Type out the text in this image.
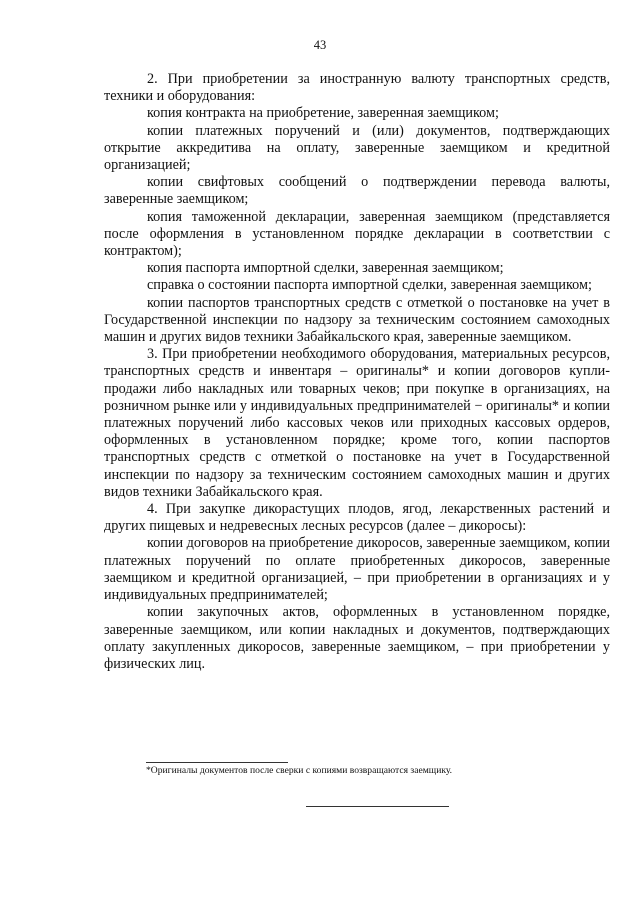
43

2. При приобретении за иностранную валюту транспортных средств, техники и оборудования:

копия контракта на приобретение, заверенная заемщиком;

копии платежных поручений и (или) документов, подтверждающих открытие аккредитива на оплату, заверенные заемщиком и кредитной организацией;

копии свифтовых сообщений о подтверждении перевода валюты, заверенные заемщиком;

копия таможенной декларации, заверенная заемщиком (представляется после оформления в установленном порядке декларации в соответствии с контрактом);

копия паспорта импортной сделки, заверенная заемщиком;

справка о состоянии паспорта импортной сделки, заверенная заемщиком;

копии паспортов транспортных средств с отметкой о постановке на учет в Государственной инспекции по надзору за техническим состоянием самоходных машин и других видов техники Забайкальского края, заверенные заемщиком.

3. При приобретении необходимого оборудования, материальных ресурсов, транспортных средств и инвентаря – оригиналы* и копии договоров купли-продажи либо накладных или товарных чеков; при покупке в организациях, на розничном рынке или у индивидуальных предпринимателей − оригиналы* и копии платежных поручений либо кассовых чеков или приходных кассовых ордеров, оформленных в установленном порядке; кроме того, копии паспортов транспортных средств с отметкой о постановке на учет в Государственной инспекции по надзору за техническим состоянием самоходных машин и других видов техники Забайкальского края.

4. При закупке дикорастущих плодов, ягод, лекарственных растений и других пищевых и недревесных лесных ресурсов (далее – дикоросы):

копии договоров на приобретение дикоросов, заверенные заемщиком, копии платежных поручений по оплате приобретенных дикоросов, заверенные заемщиком и кредитной организацией, – при приобретении в организациях и у индивидуальных предпринимателей;

копии закупочных актов, оформленных в установленном порядке, заверенные заемщиком, или копии накладных и документов, подтверждающих оплату закупленных дикоросов, заверенные заемщиком, – при приобретении у физических лиц.

*Оригиналы документов после сверки с копиями возвращаются заемщику.
